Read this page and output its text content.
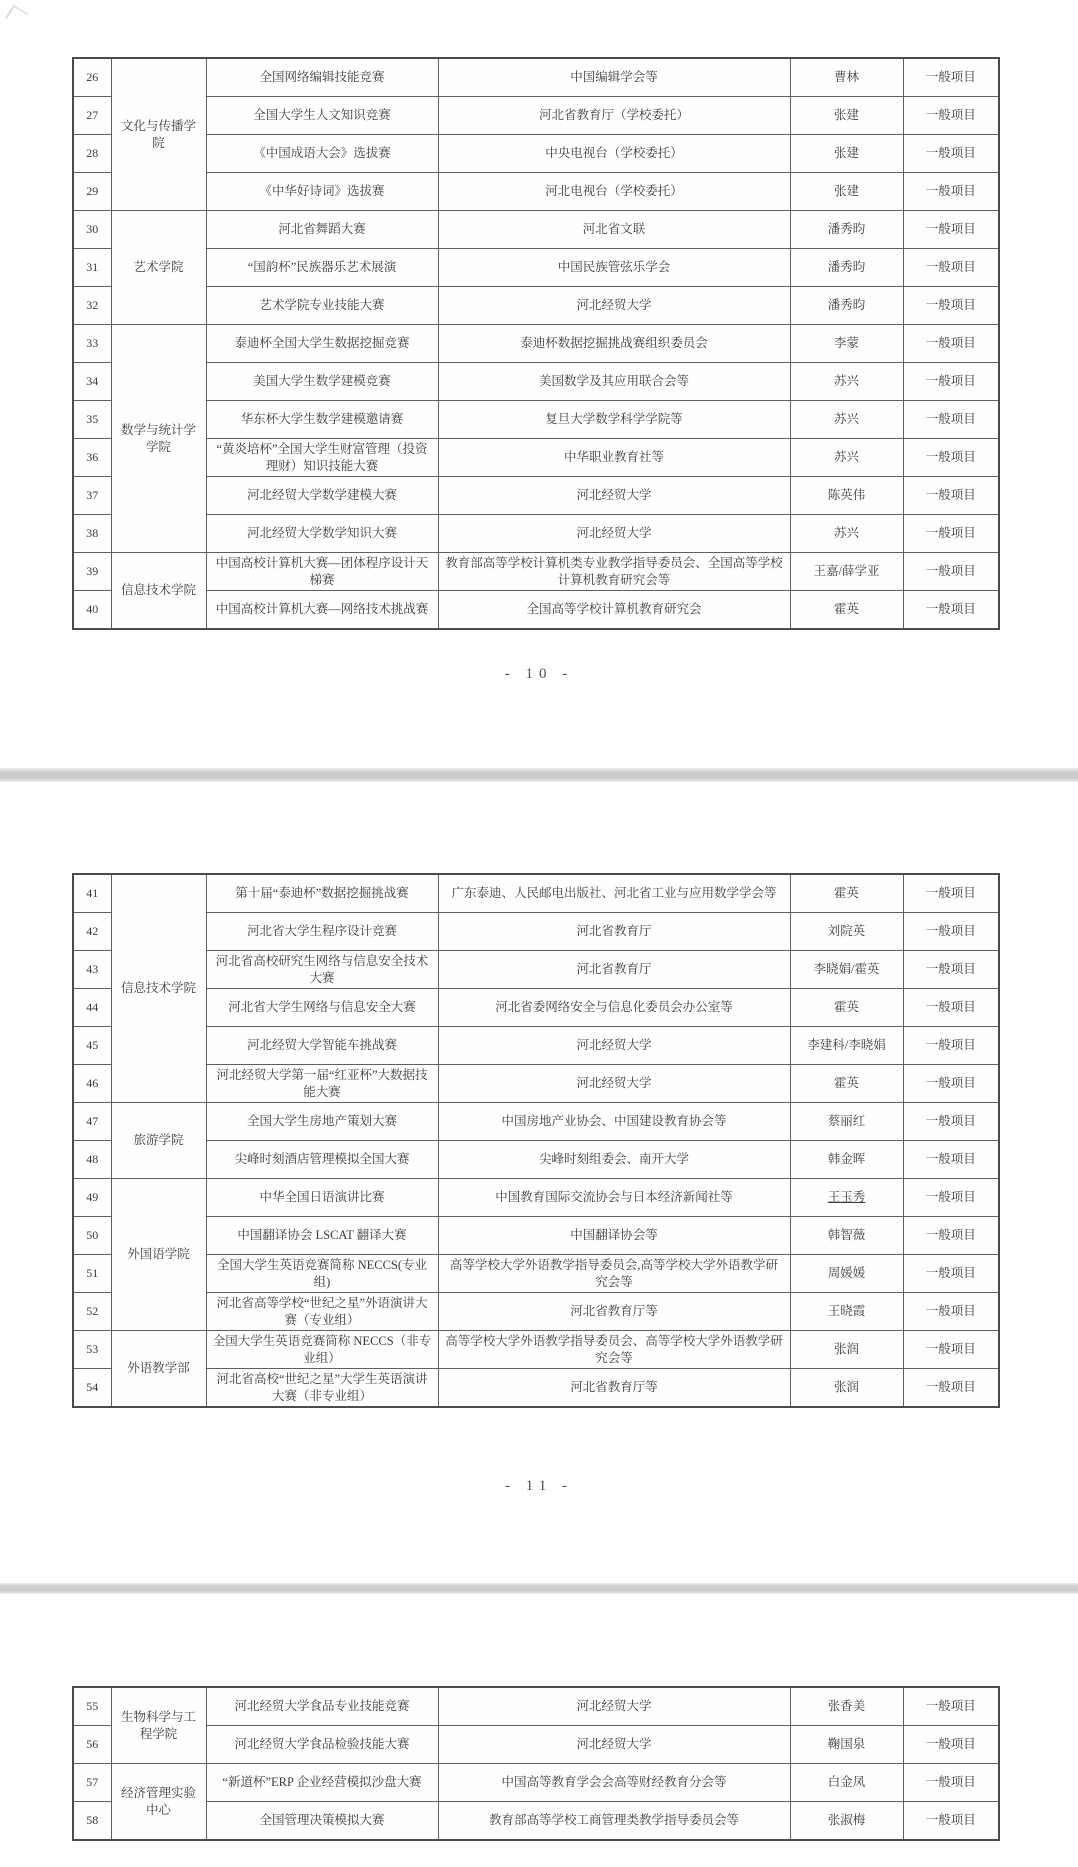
26	文化与传播学院	全国网络编辑技能竞赛	中国编辑学会等	曹林	一般项目
27		全国大学生人文知识竞赛	河北省教育厅（学校委托）	张建	一般项目
28		《中国成语大会》选拔赛	中央电视台（学校委托）	张建	一般项目
29		《中华好诗词》选拔赛	河北电视台（学校委托）	张建	一般项目
30	艺术学院	河北省舞蹈大赛	河北省文联	潘秀昀	一般项目
31		“国韵杯”民族器乐艺术展演	中国民族管弦乐学会	潘秀昀	一般项目
32		艺术学院专业技能大赛	河北经贸大学	潘秀昀	一般项目
33	数学与统计学学院	泰迪杯全国大学生数据挖掘竞赛	泰迪杯数据挖掘挑战赛组织委员会	李蒙	一般项目
34		美国大学生数学建模竞赛	美国数学及其应用联合会等	苏兴	一般项目
35		华东杯大学生数学建模邀请赛	复旦大学数学科学学院等	苏兴	一般项目
36		“黄炎培杯”全国大学生财富管理（投资理财）知识技能大赛	中华职业教育社等	苏兴	一般项目
37		河北经贸大学数学建模大赛	河北经贸大学	陈英伟	一般项目
38		河北经贸大学数学知识大赛	河北经贸大学	苏兴	一般项目
39	信息技术学院	中国高校计算机大赛—团体程序设计天梯赛	教育部高等学校计算机类专业教学指导委员会、全国高等学校计算机教育研究会等	王嘉/薛学亚	一般项目
40		中国高校计算机大赛—网络技术挑战赛	全国高等学校计算机教育研究会	霍英	一般项目
- 10 -
41	信息技术学院	第十届“泰迪杯”数据挖掘挑战赛	广东泰迪、人民邮电出版社、河北省工业与应用数学学会等	霍英	一般项目
42		河北省大学生程序设计竞赛	河北省教育厅	刘院英	一般项目
43		河北省高校研究生网络与信息安全技术大赛	河北省教育厅	李晓娟/霍英	一般项目
44		河北省大学生网络与信息安全大赛	河北省委网络安全与信息化委员会办公室等	霍英	一般项目
45		河北经贸大学智能车挑战赛	河北经贸大学	李建科/李晓娟	一般项目
46		河北经贸大学第一届“红亚杯”大数据技能大赛	河北经贸大学	霍英	一般项目
47	旅游学院	全国大学生房地产策划大赛	中国房地产业协会、中国建设教育协会等	蔡丽红	一般项目
48		尖峰时刻酒店管理模拟全国大赛	尖峰时刻组委会、南开大学	韩金晖	一般项目
49	外国语学院	中华全国日语演讲比赛	中国教育国际交流协会与日本经济新闻社等	王玉秀	一般项目
50		中国翻译协会 LSCAT 翻译大赛	中国翻译协会等	韩智薇	一般项目
51		全国大学生英语竞赛简称 NECCS(专业组)	高等学校大学外语教学指导委员会,高等学校大学外语教学研究会等	周媛媛	一般项目
52		河北省高等学校“世纪之星”外语演讲大赛（专业组）	河北省教育厅等	王晓霞	一般项目
53	外语教学部	全国大学生英语竞赛简称 NECCS（非专业组）	高等学校大学外语教学指导委员会、高等学校大学外语教学研究会等	张润	一般项目
54		河北省高校“世纪之星”大学生英语演讲大赛（非专业组）	河北省教育厅等	张润	一般项目
- 11 -
55	生物科学与工程学院	河北经贸大学食品专业技能竞赛	河北经贸大学	张香美	一般项目
56		河北经贸大学食品检验技能大赛	河北经贸大学	鞠国泉	一般项目
57	经济管理实验中心	“新道杯”ERP 企业经营模拟沙盘大赛	中国高等教育学会会高等财经教育分会等	白金凤	一般项目
58		全国管理决策模拟大赛	教育部高等学校工商管理类教学指导委员会等	张淑梅	一般项目
